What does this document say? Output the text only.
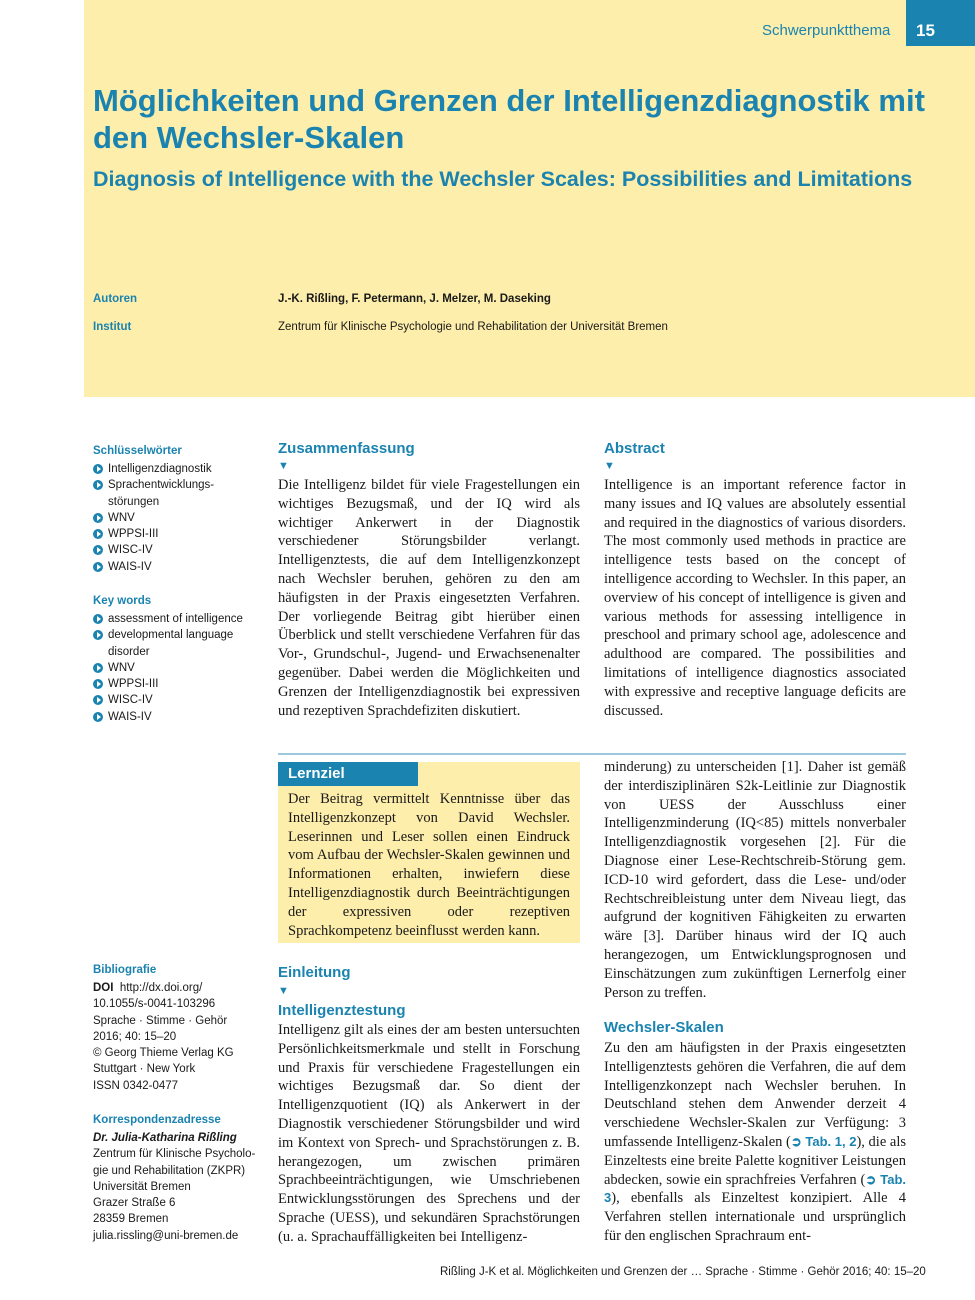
Schwerpunktthema	15
Möglichkeiten und Grenzen der Intelligenzdiagnostik mit den Wechsler-Skalen
Diagnosis of Intelligence with the Wechsler Scales: Possibilities and Limitations
Autoren	J.-K. Rißling, F. Petermann, J. Melzer, M. Daseking
Institut	Zentrum für Klinische Psychologie und Rehabilitation der Universität Bremen
Schlüsselwörter
Intelligenzdiagnostik
Sprachentwicklungs-
störungen
WNV
WPPSI-III
WISC-IV
WAIS-IV
Key words
assessment of intelligence
developmental language
disorder
WNV
WPPSI-III
WISC-IV
WAIS-IV
Bibliografie
DOI http://dx.doi.org/
10.1055/s-0041-103296
Sprache · Stimme · Gehör
2016; 40: 15–20
© Georg Thieme Verlag KG
Stuttgart · New York
ISSN 0342-0477
Korrespondenzadresse
Dr. Julia-Katharina Rißling
Zentrum für Klinische Psycholo-
gie und Rehabilitation (ZKPR)
Universität Bremen
Grazer Straße 6
28359 Bremen
julia.rissling@uni-bremen.de
Zusammenfassung
▼

Die Intelligenz bildet für viele Fragestellungen ein wichtiges Bezugsmaß, und der IQ wird als wichtiger Ankerwert in der Diagnostik verschiedener Störungsbilder verlangt. Intelligenztests, die auf dem Intelligenzkonzept nach Wechsler beruhen, gehören zu den am häufigsten in der Praxis eingesetzten Verfahren. Der vorliegende Beitrag gibt hierüber einen Überblick und stellt verschiedene Verfahren für das Vor-, Grundschul-, Jugend- und Erwachsenenalter gegenüber. Dabei werden die Möglichkeiten und Grenzen der Intelligenzdiagnostik bei expressiven und rezeptiven Sprachdefiziten diskutiert.

Abstract
▼

Intelligence is an important reference factor in many issues and IQ values are absolutely essential and required in the diagnostics of various disorders. The most commonly used methods in practice are intelligence tests based on the concept of intelligence according to Wechsler. In this paper, an overview of his concept of intelligence is given and various methods for assessing intelligence in preschool and primary school age, adolescence and adulthood are compared. The possibilities and limitations of intelligence diagnostics associated with expressive and receptive language deficits are discussed.

Lernziel

Der Beitrag vermittelt Kenntnisse über das Intelligenzkonzept von David Wechsler. Leserinnen und Leser sollen einen Eindruck vom Aufbau der Wechsler-Skalen gewinnen und Informationen erhalten, inwiefern diese Intelligenzdiagnostik durch Beeinträchtigungen der expressiven oder rezeptiven Sprachkompetenz beeinflusst werden kann.

Einleitung
▼
Intelligenztestung

Intelligenz gilt als eines der am besten untersuchten Persönlichkeitsmerkmale und stellt in Forschung und Praxis für verschiedene Fragestellungen ein wichtiges Bezugsmaß dar. So dient der Intelligenzquotient (IQ) als Ankerwert in der Diagnostik verschiedener Störungsbilder und wird im Kontext von Sprech- und Sprachstörungen z. B. herangezogen, um zwischen primären Sprachbeeinträchtigungen, wie Umschriebenen Entwicklungsstörungen des Sprechens und der Sprache (UESS), und sekundären Sprachstörungen (u. a. Sprachauffälligkeiten bei Intelligenz-

minderung) zu unterscheiden [1]. Daher ist gemäß der interdisziplinären S2k-Leitlinie zur Diagnostik von UESS der Ausschluss einer Intelligenzminderung (IQ<85) mittels nonverbaler Intelligenzdiagnostik vorgesehen [2]. Für die Diagnose einer Lese-Rechtschreib-Störung gem. ICD-10 wird gefordert, dass die Lese- und/oder Rechtschreibleistung unter dem Niveau liegt, das aufgrund der kognitiven Fähigkeiten zu erwarten wäre [3]. Darüber hinaus wird der IQ auch herangezogen, um Entwicklungsprognosen und Einschätzungen zum zukünftigen Lernerfolg einer Person zu treffen.

Wechsler-Skalen

Zu den am häufigsten in der Praxis eingesetzten Intelligenztests gehören die Verfahren, die auf dem Intelligenzkonzept nach Wechsler beruhen. In Deutschland stehen dem Anwender derzeit 4 verschiedene Wechsler-Skalen zur Verfügung: 3 umfassende Intelligenz-Skalen (➲ Tab. 1, 2), die als Einzeltests eine breite Palette kognitiver Leistungen abdecken, sowie ein sprachfreies Verfahren (➲ Tab. 3), ebenfalls als Einzeltest konzipiert. Alle 4 Verfahren stellen internationale und ursprünglich für den englischen Sprachraum ent-

Rißling J-K et al. Möglichkeiten und Grenzen der … Sprache · Stimme · Gehör 2016; 40: 15–20
